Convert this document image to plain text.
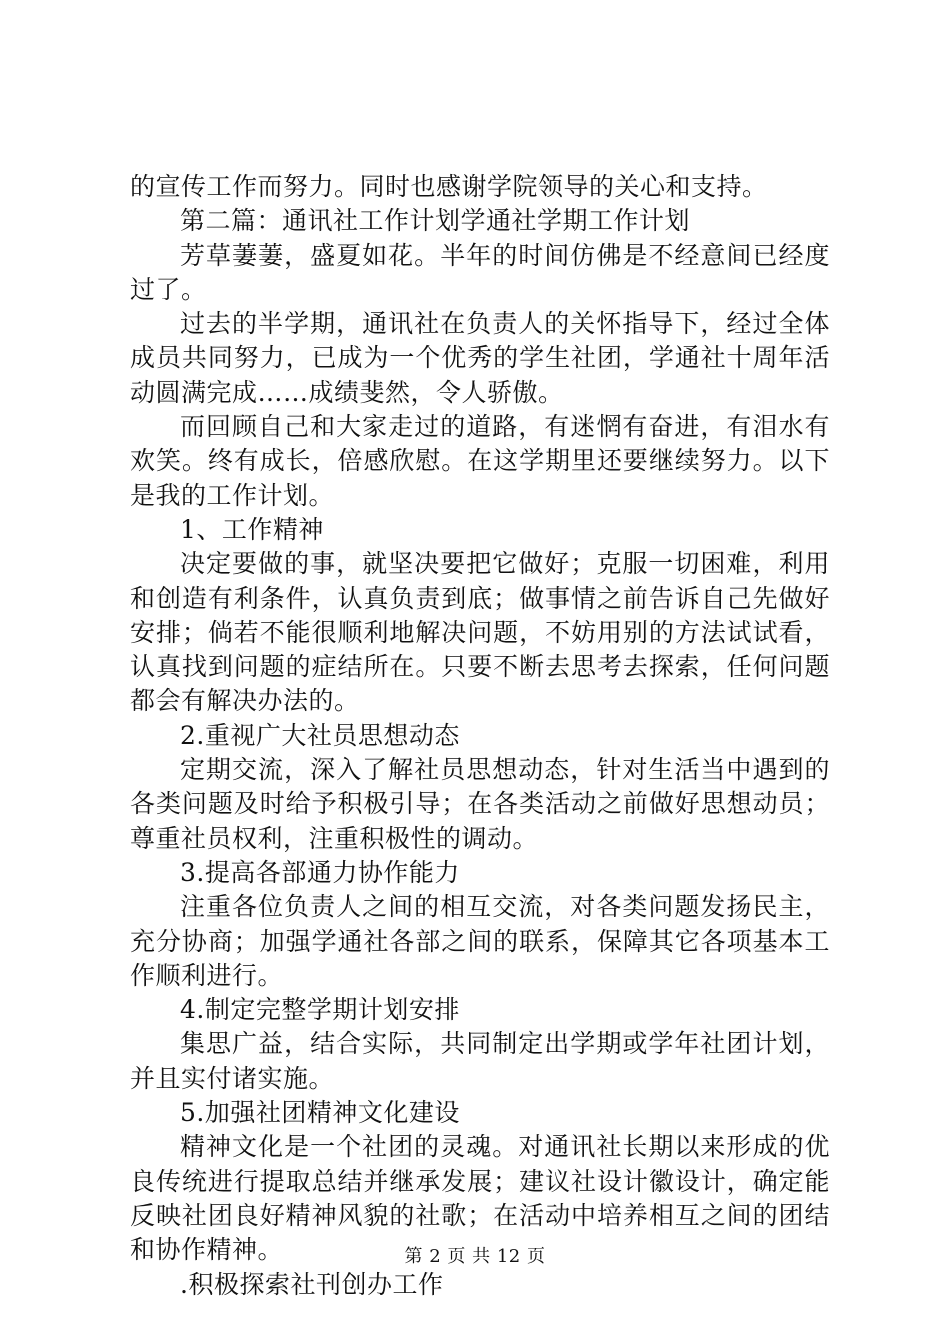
的宣传工作而努力。同时也感谢学院领导的关心和支持。
第二篇：通讯社工作计划学通社学期工作计划
芳草萋萋，盛夏如花。半年的时间仿佛是不经意间已经度
过了。
过去的半学期，通讯社在负责人的关怀指导下，经过全体
成员共同努力，已成为一个优秀的学生社团，学通社十周年活
动圆满完成……成绩斐然，令人骄傲。
而回顾自己和大家走过的道路，有迷惘有奋进，有泪水有
欢笑。终有成长，倍感欣慰。在这学期里还要继续努力。以下
是我的工作计划。
1、工作精神
决定要做的事，就坚决要把它做好；克服一切困难，利用
和创造有利条件，认真负责到底；做事情之前告诉自己先做好
安排；倘若不能很顺利地解决问题，不妨用别的方法试试看，
认真找到问题的症结所在。只要不断去思考去探索，任何问题
都会有解决办法的。
2.重视广大社员思想动态
定期交流，深入了解社员思想动态，针对生活当中遇到的
各类问题及时给予积极引导；在各类活动之前做好思想动员；
尊重社员权利，注重积极性的调动。
3.提高各部通力协作能力
注重各位负责人之间的相互交流，对各类问题发扬民主，
充分协商；加强学通社各部之间的联系，保障其它各项基本工
作顺利进行。
4.制定完整学期计划安排
集思广益，结合实际，共同制定出学期或学年社团计划，
并且实付诸实施。
5.加强社团精神文化建设
精神文化是一个社团的灵魂。对通讯社长期以来形成的优
良传统进行提取总结并继承发展；建议社设计徽设计，确定能
反映社团良好精神风貌的社歌；在活动中培养相互之间的团结
和协作精神。
.积极探索社刊创办工作
第 2 页 共 12 页
